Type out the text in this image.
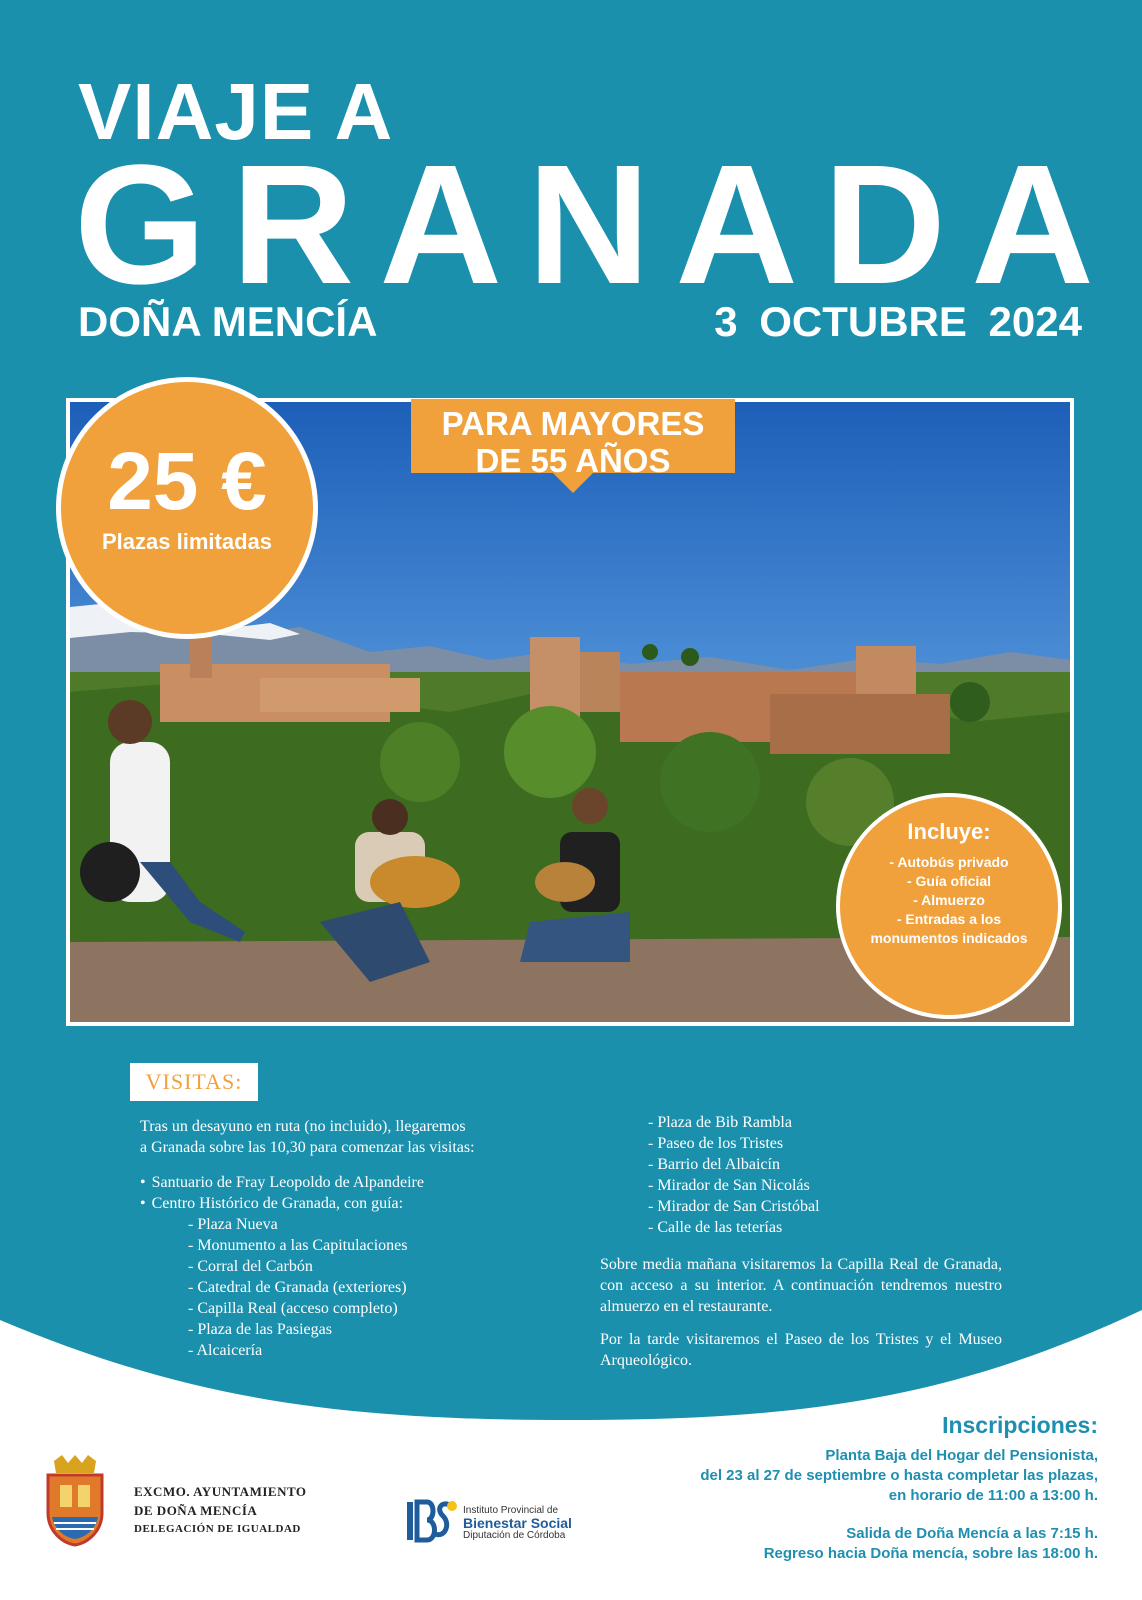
VIAJE A
G R A N A D A
DOÑA MENCÍA	3 OCTUBRE 2024
PARA MAYORES
DE 55 AÑOS
25 €
Plazas limitadas
Incluye:
- Autobús privado
- Guía oficial
- Almuerzo
- Entradas a los
monumentos indicados
VISITAS:

Tras un desayuno en ruta (no incluido), llegaremos
a Granada sobre las 10,30 para comenzar las visitas:

• Santuario de Fray Leopoldo de Alpandeire
• Centro Histórico de Granada, con guía:
- Plaza Nueva
- Monumento a las Capitulaciones
- Corral del Carbón
- Catedral de Granada (exteriores)
- Capilla Real (acceso completo)
- Plaza de las Pasiegas
- Alcaicería
- Plaza de Bib Rambla
- Paseo de los Tristes
- Barrio del Albaicín
- Mirador de San Nicolás
- Mirador de San Cristóbal
- Calle de las teterías

Sobre media mañana visitaremos la Capilla Real de Granada, con acceso a su interior. A continuación tendremos nuestro almuerzo en el restaurante.

Por la tarde visitaremos el Paseo de los Tristes y el Museo Arqueológico.

Inscripciones:
Planta Baja del Hogar del Pensionista,
del 23 al 27 de septiembre o hasta completar las plazas,
en horario de 11:00 a 13:00 h.
Salida de Doña Mencía a las 7:15 h.
Regreso hacia Doña mencía, sobre las 18:00 h.
EXCMO. AYUNTAMIENTO
DE DOÑA MENCÍA
DELEGACIÓN DE IGUALDAD
Instituto Provincial de
Bienestar Social
Diputación de Córdoba
